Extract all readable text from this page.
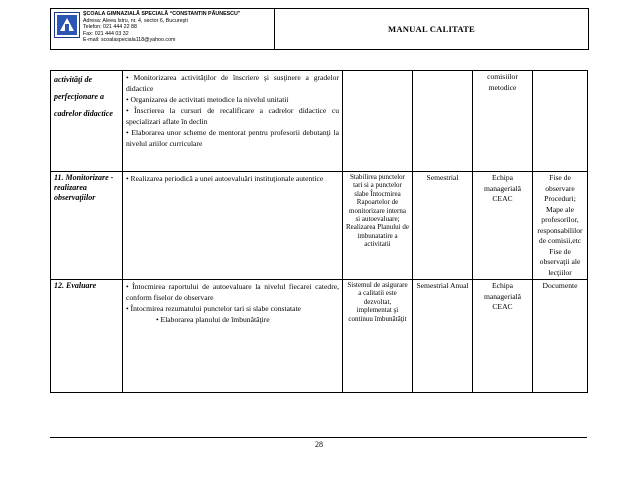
ŞCOALA GIMNAZIALĂ SPECIALĂ “CONSTANTIN PĂUNESCU”
Adresa: Aleea Istru, nr. 4, sector 6, Bucureşti
Telefon: 021 444 22 88
Fax: 021 444 03 32
E-mail: scoalaspeciala118@yahoo.com
MANUAL CALITATE
activităţi de perfecţionare a cadrelor didactice	• Monitorizarea activităţilor de înscriere şi susţinere a gradelor didactice
• Organizarea de activitati metodice la nivelul unitatii
• Înscrierea la cursuri de recalificare a cadrelor didactice cu specializari aflate în declin
• Elaborarea unor scheme de mentorat pentru profesorii debutanţi la nivelul ariilor curriculare			comisiilor metodice	
11. Monitorizare - realizarea observaţiilor	• Realizarea periodică a unei autoevaluări instituţionale autentice	Stabilirea punctelor tari si a punctelor slabe Întocmirea Rapoartelor de monitorizare interna si autoevaluare; Realizarea Planului de imbunatatire a activitatii	Semestrial	Echipa managerială CEAC	Fise de observare Proceduri; Mape ale profesorilor, responsabililor de comisii,etc Fise de observaţii ale lecţiilor
12. Evaluare	• Întocmirea raportului de autoevaluare la nivelul fiecarei catedre, conform fiselor de observare
• Întocmirea rezumatului punctelor tari si slabe constatate
• Elaborarea planului de îmbunătăţire	Sistemul de asigurare a calitatii este dezvoltat, implementat şi continuu îmbunătăţit	Semestrial Anual	Echipa managerială CEAC	Documente
28
